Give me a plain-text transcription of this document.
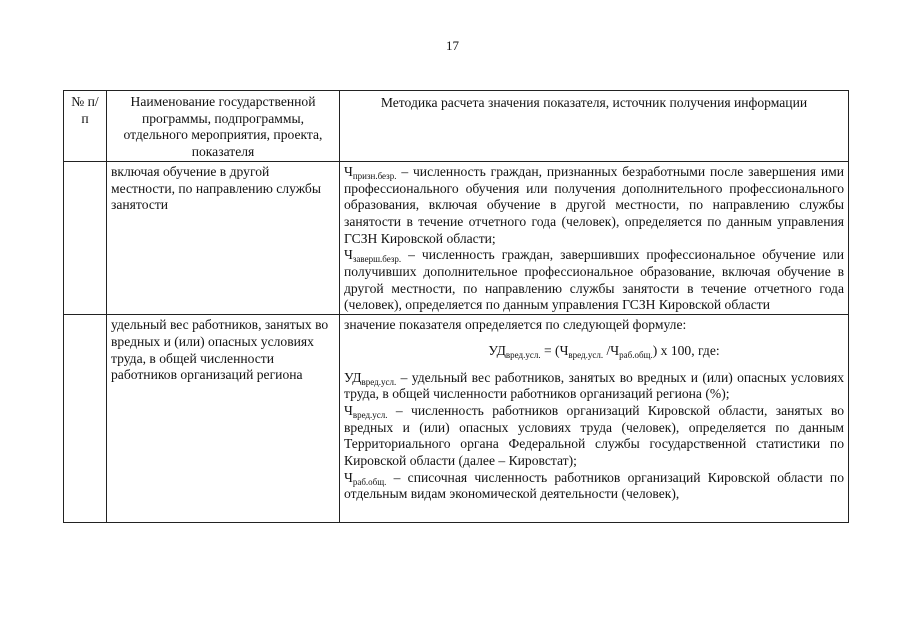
17
№ п/п	Наименование государственной программы, подпрограммы, отдельного мероприятия, проекта, показателя	Методика расчета значения показателя, источник получения информации
	включая обучение в другой местности, по направлению службы занятости	$Ч_{призн.безр.}$ – численность граждан, признанных безработными после завершения ими профессионального обучения или получения дополнительного профессионального образования, включая обучение в другой местности, по направлению службы занятости в течение отчетного года (человек), определяется по данным управления ГСЗН Кировской области;
$Ч_{заверш.безр.}$ – численность граждан, завершивших профессиональное обучение или получивших дополнительное профессиональное образование, включая обучение в другой местности, по направлению службы занятости в течение отчетного года (человек), определяется по данным управления ГСЗН Кировской области

	удельный вес работников, занятых во вредных и (или) опасных условиях труда, в общей численности работников организаций региона	значение показателя определяется по следующей формуле:
$УД_{вред.усл.} = (Ч_{вред.усл.}$ $/Ч_{раб.общ.}$) x 100, где:
$УД_{вред.усл.}$ – удельный вес работников, занятых во вредных и (или) опасных условиях труда, в общей численности работников организаций региона (%);
$Ч_{вред.усл.}$ – численность работников организаций Кировской области, занятых во вредных и (или) опасных условиях труда (человек), определяется по данным Территориального органа Федеральной службы государственной статистики по Кировской области (далее – Кировстат);
$Ч_{раб.общ.}$ – списочная численность работников организаций Кировской области по отдельным видам экономической деятельности (человек),
